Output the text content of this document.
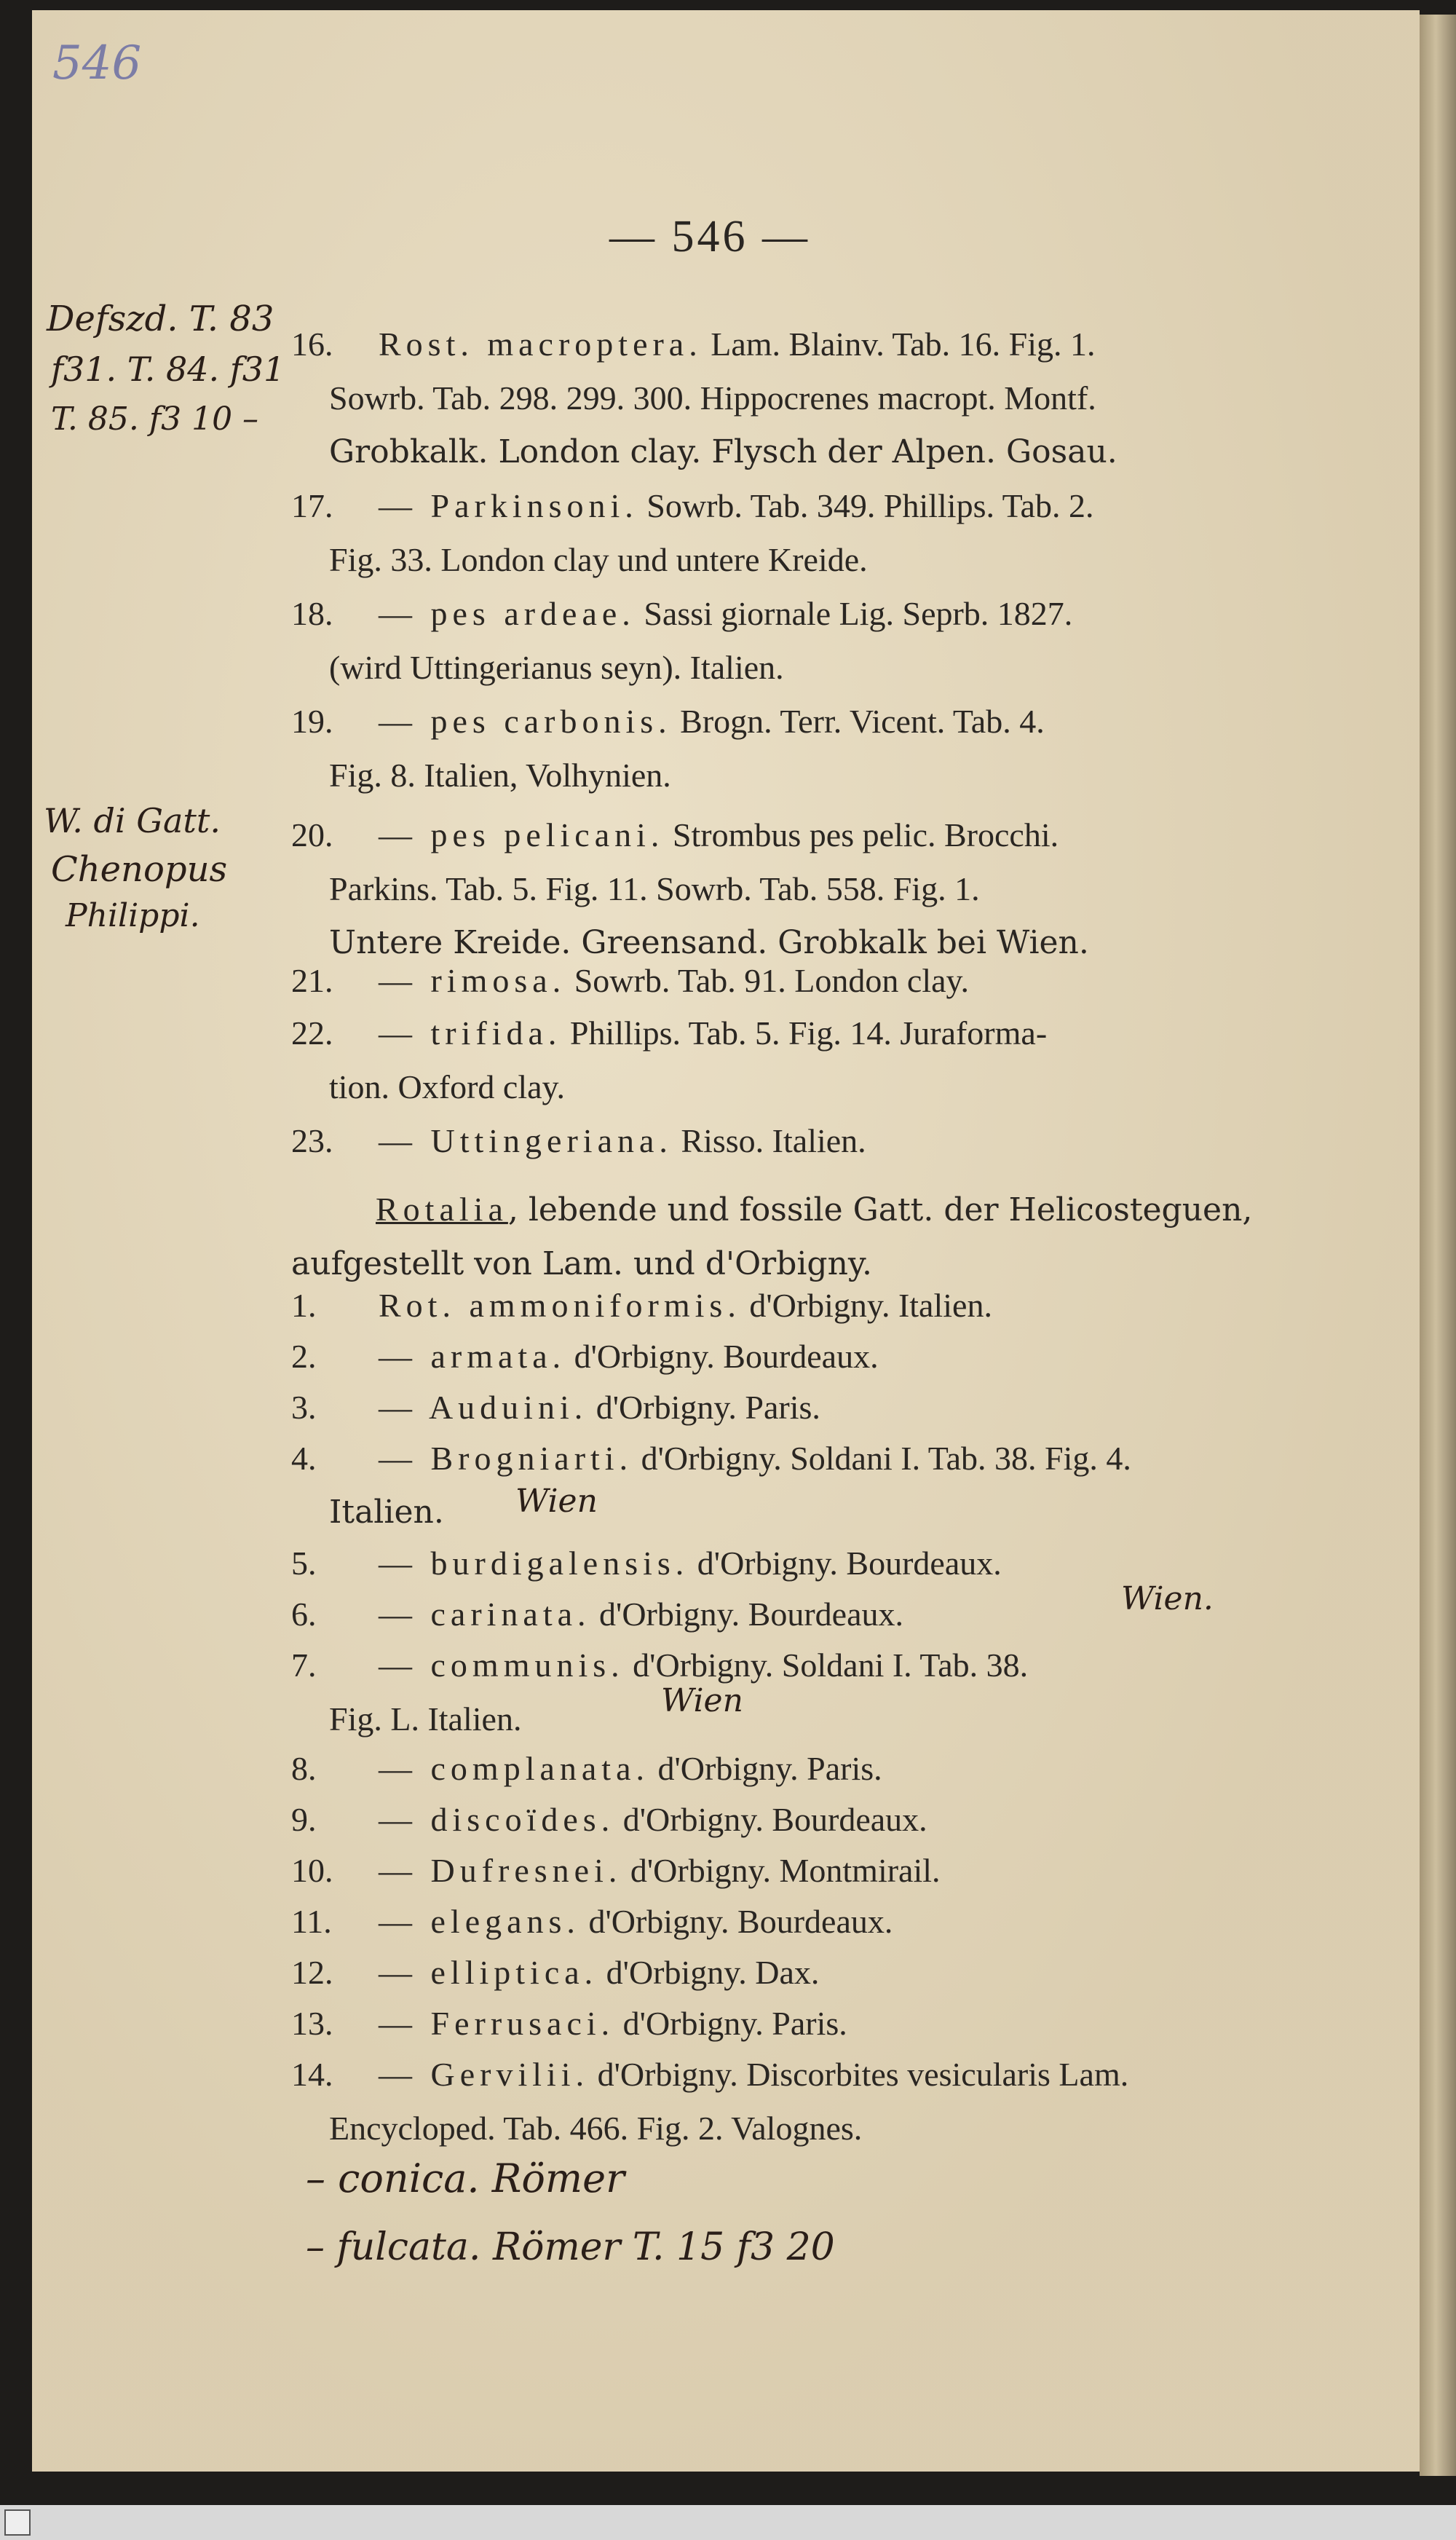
546
— 546 —

16. Rost. macroptera. Lam. Blainv. Tab. 16. Fig. 1.
Sowrb. Tab. 298. 299. 300. Hippocrenes macropt. Montf.
Grobkalk. London clay. Flysch der Alpen. Gosau.

17. — Parkinsoni. Sowrb. Tab. 349. Phillips. Tab. 2.
Fig. 33. London clay und untere Kreide.

18. — pes ardeae. Sassi giornale Lig. Seprb. 1827.
(wird Uttingerianus seyn). Italien.

19. — pes carbonis. Brogn. Terr. Vicent. Tab. 4.
Fig. 8. Italien, Volhynien.

20. — pes pelicani. Strombus pes pelic. Brocchi.
Parkins. Tab. 5. Fig. 11. Sowrb. Tab. 558. Fig. 1.
Untere Kreide. Greensand. Grobkalk bei Wien.

21. — rimosa. Sowrb. Tab. 91. London clay.

22. — trifida. Phillips. Tab. 5. Fig. 14. Juraforma-
tion. Oxford clay.

23. — Uttingeriana. Risso. Italien.

Rotalia, lebende und fossile Gatt. der Helicosteguen,
aufgestellt von Lam. und d'Orbigny.

1. Rot. ammoniformis. d'Orbigny. Italien.

2. — armata. d'Orbigny. Bourdeaux.

3. — Auduini. d'Orbigny. Paris.

4. — Brogniarti. d'Orbigny. Soldani I. Tab. 38. Fig. 4.
Italien.

5. — burdigalensis. d'Orbigny. Bourdeaux.

6. — carinata. d'Orbigny. Bourdeaux.

7. — communis. d'Orbigny. Soldani I. Tab. 38.
Fig. L. Italien.

8. — complanata. d'Orbigny. Paris.

9. — discoïdes. d'Orbigny. Bourdeaux.

10. — Dufresnei. d'Orbigny. Montmirail.

11. — elegans. d'Orbigny. Bourdeaux.

12. — elliptica. d'Orbigny. Dax.

13. — Ferrusaci. d'Orbigny. Paris.

14. — Gervilii. d'Orbigny. Discorbites vesicularis Lam.
Encycloped. Tab. 466. Fig. 2. Valognes.

Defszd. T. 83
f31. T. 84. f31
T. 85. f3 10 –
W. di Gatt.
Chenopus
Philippi.
Wien
Wien.
Wien
– conica. Römer
– fulcata. Römer T. 15 f3 20
